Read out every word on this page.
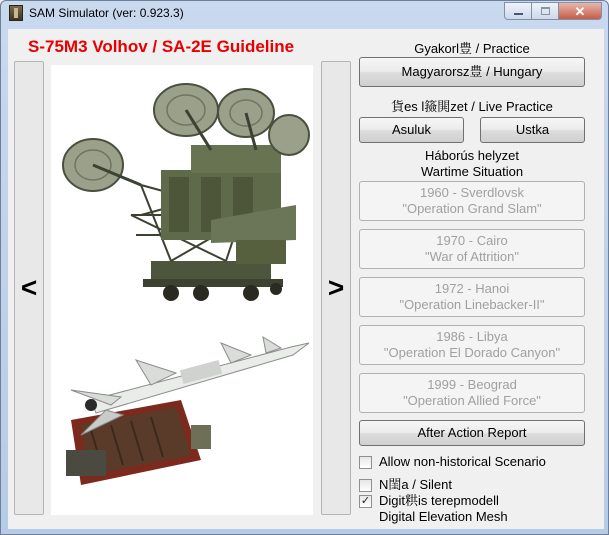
SAM Simulator (ver: 0.923.3)	✕
S-75M3 Volhov / SA-2E Guideline
<	>
Gyakorl豊 / Practice
Magyarorsz豊 / Hungary
貨es l籡閧zet / Live Practice
Asuluk	Ustka
Háborús helyzet
Wartime Situation
1960 - Sverdlovsk
"Operation Grand Slam"
1970 - Cairo
"War of Attrition"
1972 - Hanoi
"Operation Linebacker-II"
1986 - Libya
"Operation El Dorado Canyon"
1999 - Beograd
"Operation Allied Force"
After Action Report
Allow non-historical Scenario
N閨a / Silent
✓ Digit粠is terepmodell
Digital Elevation Mesh
